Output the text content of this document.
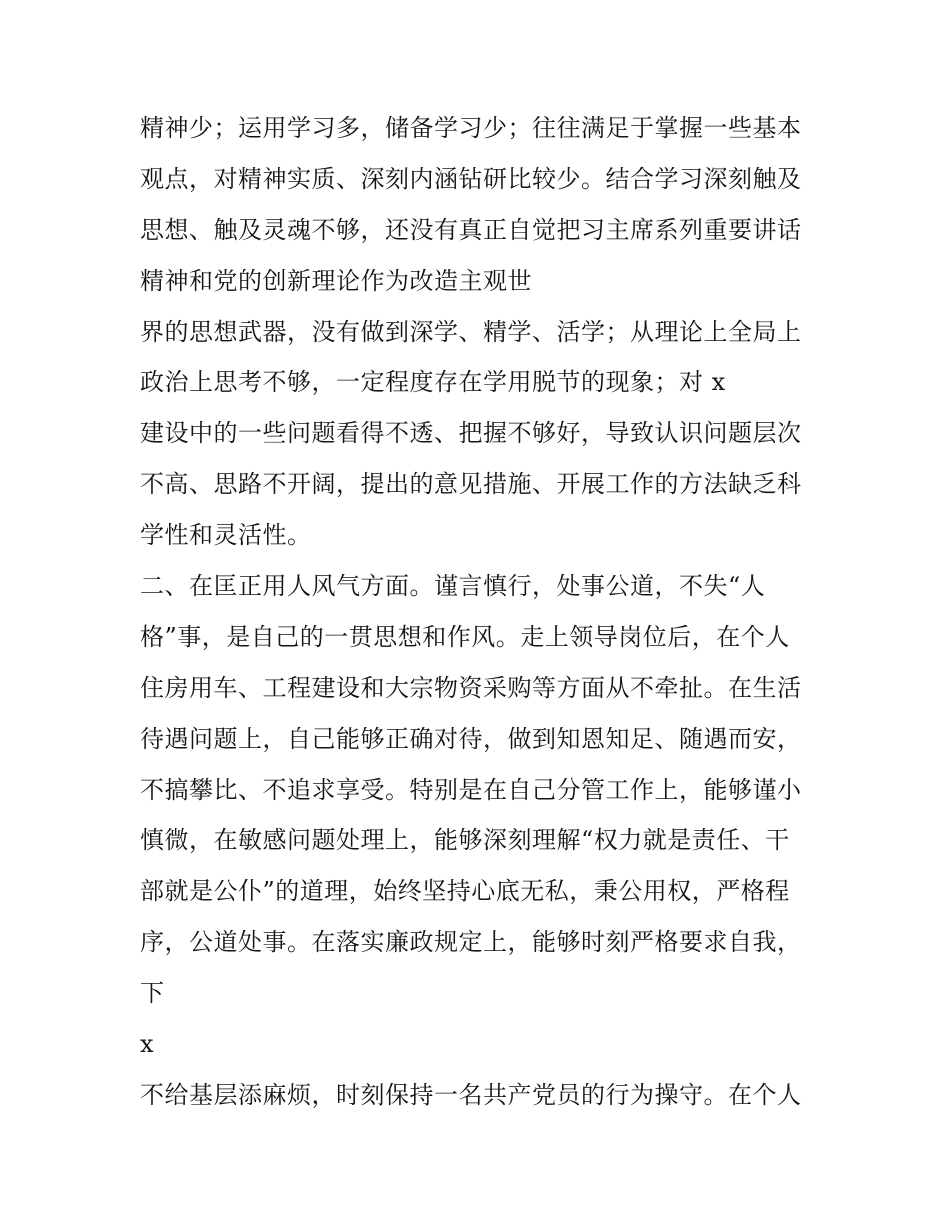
精神少；运用学习多，储备学习少；往往满足于掌握一些基本
观点，对精神实质、深刻内涵钻研比较少。结合学习深刻触及
思想、触及灵魂不够，还没有真正自觉把习主席系列重要讲话
精神和党的创新理论作为改造主观世
界的思想武器，没有做到深学、精学、活学；从理论上全局上
政治上思考不够，一定程度存在学用脱节的现象；对 x
建设中的一些问题看得不透、把握不够好，导致认识问题层次
不高、思路不开阔，提出的意见措施、开展工作的方法缺乏科
学性和灵活性。
二、在匡正用人风气方面。谨言慎行，处事公道，不失“人
格”事，是自己的一贯思想和作风。走上领导岗位后，在个人
住房用车、工程建设和大宗物资采购等方面从不牵扯。在生活
待遇问题上，自己能够正确对待，做到知恩知足、随遇而安，
不搞攀比、不追求享受。特别是在自己分管工作上，能够谨小
慎微，在敏感问题处理上，能够深刻理解“权力就是责任、干
部就是公仆”的道理，始终坚持心底无私，秉公用权，严格程
序，公道处事。在落实廉政规定上，能够时刻严格要求自我，
下
x
不给基层添麻烦，时刻保持一名共产党员的行为操守。在个人
